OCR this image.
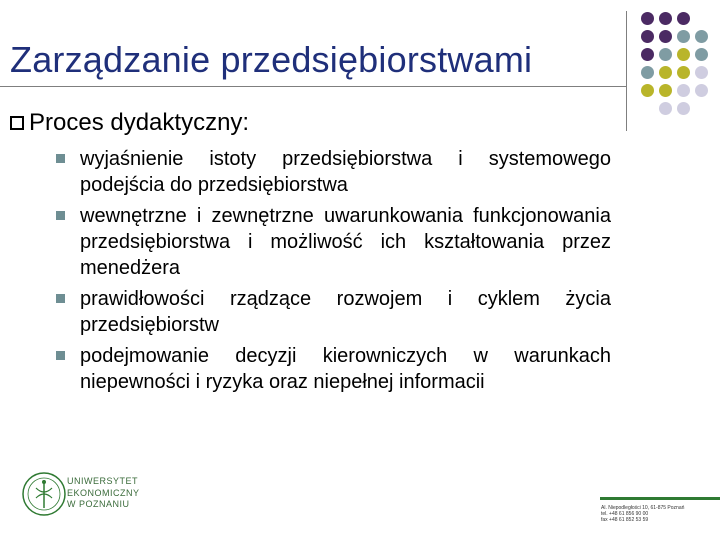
Zarządzanie przedsiębiorstwami
Proces dydaktyczny:
wyjaśnienie istoty przedsiębiorstwa i systemowego podejścia do przedsiębiorstwa
wewnętrzne i zewnętrzne uwarunkowania funkcjonowania przedsiębiorstwa i możliwość ich kształtowania przez menedżera
prawidłowości rządzące rozwojem i cyklem życia przedsiębiorstw
podejmowanie decyzji kierowniczych w warunkach niepewności i ryzyka oraz niepełnej informacii
UNIWERSYTET
EKONOMICZNY
W POZNANIU	Al. Niepodległości 10, 61-875 Poznań
tel. +48 61 856 90 00
fax +48 61 852 53 59
